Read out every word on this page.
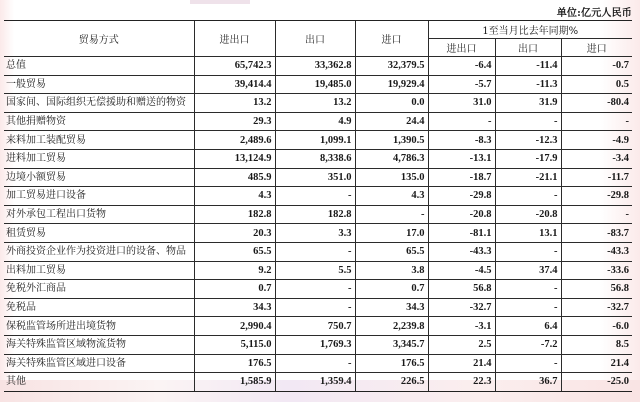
单位:亿元人民币
贸易方式	进出口	出口	进口	1至当月比去年同期%		
				进出口	出口	进口
总值	65,742.3	33,362.8	32,379.5	-6.4	-11.4	-0.7
一般贸易	39,414.4	19,485.0	19,929.4	-5.7	-11.3	0.5
国家间、国际组织无偿援助和赠送的物资	13.2	13.2	0.0	31.0	31.9	-80.4
其他捐赠物资	29.3	4.9	24.4	-	-	-
来料加工装配贸易	2,489.6	1,099.1	1,390.5	-8.3	-12.3	-4.9
进料加工贸易	13,124.9	8,338.6	4,786.3	-13.1	-17.9	-3.4
边境小额贸易	485.9	351.0	135.0	-18.7	-21.1	-11.7
加工贸易进口设备	4.3	-	4.3	-29.8	-	-29.8
对外承包工程出口货物	182.8	182.8	-	-20.8	-20.8	-
租赁贸易	20.3	3.3	17.0	-81.1	13.1	-83.7
外商投资企业作为投资进口的设备、物品	65.5	-	65.5	-43.3	-	-43.3
出料加工贸易	9.2	5.5	3.8	-4.5	37.4	-33.6
免税外汇商品	0.7	-	0.7	56.8	-	56.8
免税品	34.3	-	34.3	-32.7	-	-32.7
保税监管场所进出境货物	2,990.4	750.7	2,239.8	-3.1	6.4	-6.0
海关特殊监管区域物流货物	5,115.0	1,769.3	3,345.7	2.5	-7.2	8.5
海关特殊监管区域进口设备	176.5	-	176.5	21.4	-	21.4
其他	1,585.9	1,359.4	226.5	22.3	36.7	-25.0
